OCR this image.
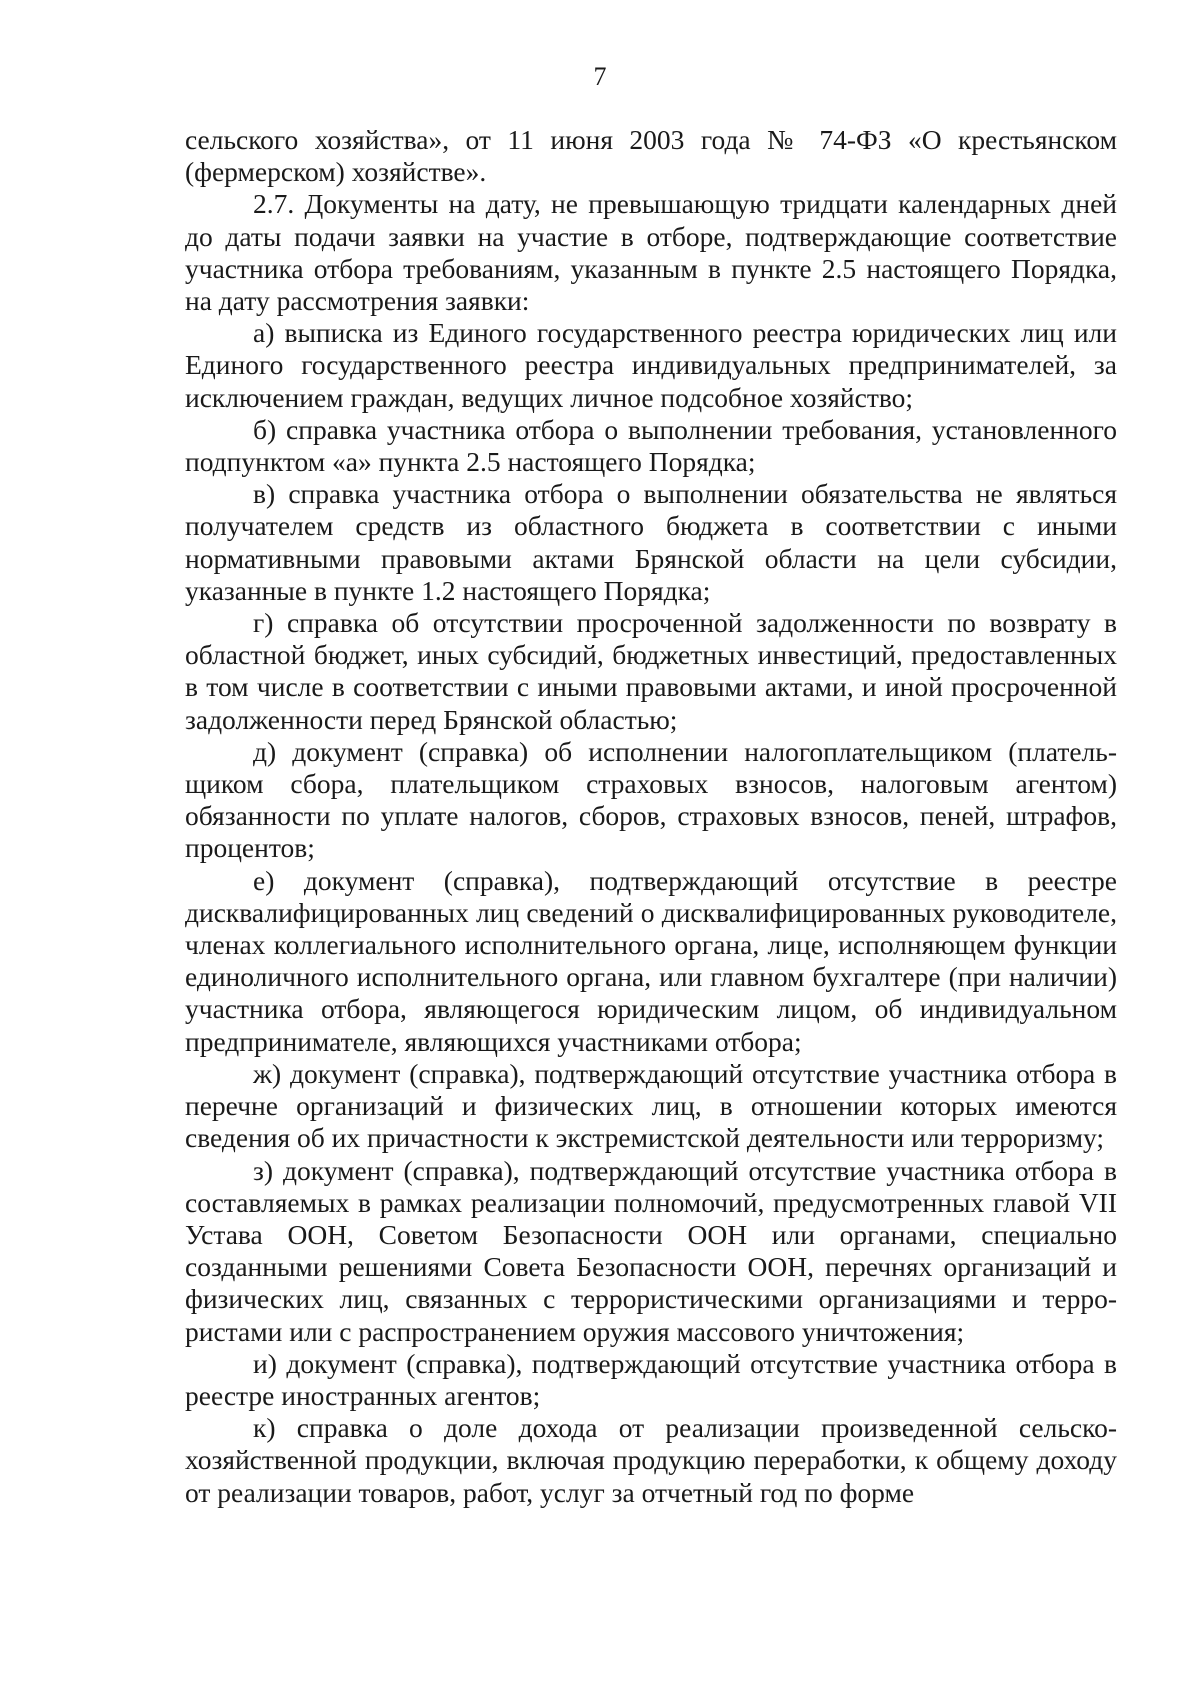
7

сельского хозяйства», от 11 июня 2003 года № 74-ФЗ «О крестьянском (фермерском) хозяйстве».

2.7. Документы на дату, не превышающую тридцати календарных дней до даты подачи заявки на участие в отборе, подтверждающие соответствие участника отбора требованиям, указанным в пункте 2.5 настоящего Порядка, на дату рассмотрения заявки:

а) выписка из Единого государственного реестра юридических лиц или Единого государственного реестра индивидуальных предпринимателей, за исключением граждан, ведущих личное подсобное хозяйство;

б) справка участника отбора о выполнении требования, установленного подпунктом «а» пункта 2.5 настоящего Порядка;

в) справка участника отбора о выполнении обязательства не являться получателем средств из областного бюджета в соответствии с иными нормативными правовыми актами Брянской области на цели субсидии, указанные в пункте 1.2 настоящего Порядка;

г) справка об отсутствии просроченной задолженности по возврату в областной бюджет, иных субсидий, бюджетных инвестиций, предоставленных в том числе в соответствии с иными правовыми актами, и иной просроченной задолженности перед Брянской областью;

д) документ (справка) об исполнении налогоплательщиком (плательщиком сбора, плательщиком страховых взносов, налоговым агентом) обязанности по уплате налогов, сборов, страховых взносов, пеней, штрафов, процентов;

е) документ (справка), подтверждающий отсутствие в реестре дисквалифицированных лиц сведений о дисквалифицированных руководителе, членах коллегиального исполнительного органа, лице, исполняющем функции единоличного исполнительного органа, или главном бухгалтере (при наличии) участника отбора, являющегося юридическим лицом, об индивидуальном предпринимателе, являющихся участниками отбора;

ж) документ (справка), подтверждающий отсутствие участника отбора в перечне организаций и физических лиц, в отношении которых имеются сведения об их причастности к экстремистской деятельности или терроризму;

з) документ (справка), подтверждающий отсутствие участника отбора в составляемых в рамках реализации полномочий, предусмотренных главой VII Устава ООН, Советом Безопасности ООН или органами, специально созданными решениями Совета Безопасности ООН, перечнях организаций и физических лиц, связанных с террористическими организациями и террористами или с распространением оружия массового уничтожения;

и) документ (справка), подтверждающий отсутствие участника отбора в реестре иностранных агентов;

к) справка о доле дохода от реализации произведенной сельскохозяйственной продукции, включая продукцию переработки, к общему доходу от реализации товаров, работ, услуг за отчетный год по форме
